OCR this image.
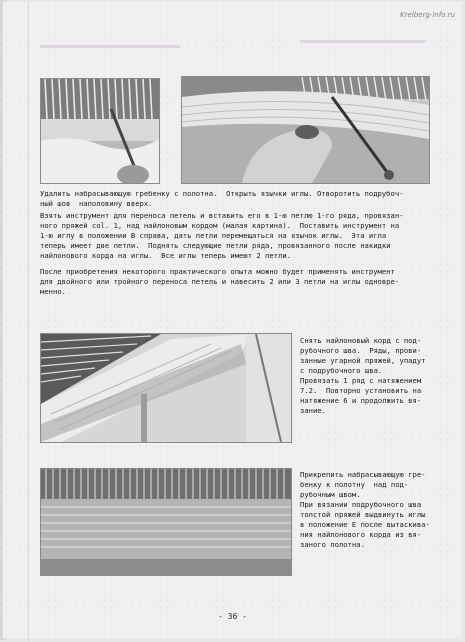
Krelberg-info.ru

Удалить набрасывающую гребенку с полотна.  Открыть язычки иглы. Отворотить подрубоч-
ный шов  наполовину вверх.

Взять инструмент для переноса петель и вставить его в 1-ю петлю 1-го ряда, провязан-
ного пряжей col. 1, над найлоновым кордом (малая картина).  Поставить инструмент на
1-ю иглу в положении В справа, дать петли перемещаться на язычок иглы.  Эта игла
теперь имеет две петли.  Поднять следующие петли ряда, провязанного после накидки
найлонового корда на иглы.  Все иглы теперь имеют 2 петли.

После приобретения некоторого практического опыта можно будет применять инструмент
для двойного или тройного переноса петель и навесить 2 или 3 петли на иглы одновре-
менно.

Снять найлоновый корд с под-
рубочного шва.  Ряды, прови-
занные угарной пряжей, упадут
с подрубочного шва.

Провязать 1 ряд с натяжением
7.2.  Повторно установить на
натяжение 6 и продолжить вя-
зание.

Прикрепить набрасывающую гре-
бенку к полотну  над под-
рубочным швом.
При вязании подрубочного шва
толстой пряжей выдвинуть иглы
в положение Е после вытаскива-
ния найлонового корда из вя-
заного полотна.

- 36 -
